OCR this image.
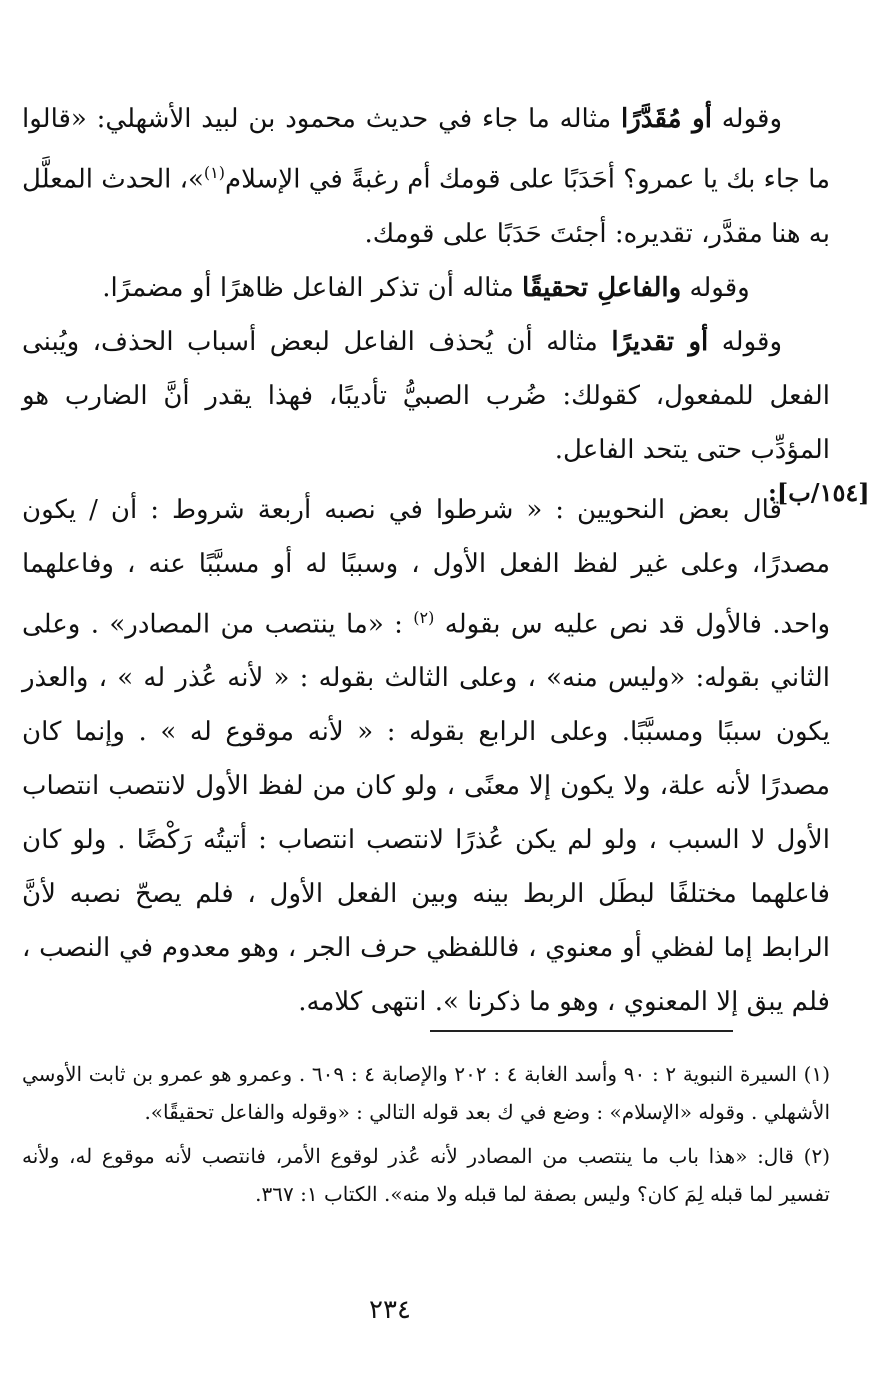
وقوله أو مُقَدَّرًا مثاله ما جاء في حديث محمود بن لبيد الأشهلي: «قالوا ما جاء بك يا عمرو؟ أحَدَبًا على قومك أم رغبةً في الإسلام$^{(١)}$»، الحدث المعلَّل به هنا مقدَّر، تقديره: أجئتَ حَدَبًا على قومك.

وقوله والفاعلِ تحقيقًا مثاله أن تذكر الفاعل ظاهرًا أو مضمرًا.

وقوله أو تقديرًا مثاله أن يُحذف الفاعل لبعض أسباب الحذف، ويُبنى الفعل للمفعول، كقولك: ضُرب الصبيُّ تأديبًا، فهذا يقدر أنَّ الضارب هو المؤدِّب حتى يتحد الفاعل.

قال بعض النحويين : « شرطوا في نصبه أربعة شروط : أن / يكون مصدرًا، وعلى غير لفظ الفعل الأول ، وسببًا له أو مسبَّبًا عنه ، وفاعلهما واحد. فالأول قد نص عليه س بقوله $^{(٢)}$ : «ما ينتصب من المصادر» . وعلى الثاني بقوله: «وليس منه» ، وعلى الثالث بقوله : « لأنه عُذر له » ، والعذر يكون سببًا ومسبَّبًا. وعلى الرابع بقوله : « لأنه موقوع له » . وإنما كان مصدرًا لأنه علة، ولا يكون إلا معنًى ، ولو كان من لفظ الأول لانتصب انتصاب الأول لا السبب ، ولو لم يكن عُذرًا لانتصب انتصاب : أتيتُه رَكْضًا . ولو كان فاعلهما مختلفًا لبطَل الربط بينه وبين الفعل الأول ، فلم يصحّ نصبه لأنَّ الرابط إما لفظي أو معنوي ، فاللفظي حرف الجر ، وهو معدوم في النصب ، فلم يبق إلا المعنوي ، وهو ما ذكرنا ». انتهى كلامه.

[١٥٤/ب]:

(١) السيرة النبوية ٢ : ٩٠ وأسد الغابة ٤ : ٢٠٢ والإصابة ٤ : ٦٠٩ . وعمرو هو عمرو بن ثابت الأوسي الأشهلي . وقوله «الإسلام» : وضع في ك بعد قوله التالي : «وقوله والفاعل تحقيقًا».

(٢) قال: «هذا باب ما ينتصب من المصادر لأنه عُذر لوقوع الأمر، فانتصب لأنه موقوع له، ولأنه تفسير لما قبله لِمَ كان؟ وليس بصفة لما قبله ولا منه». الكتاب ١: ٣٦٧.

٢٣٤
